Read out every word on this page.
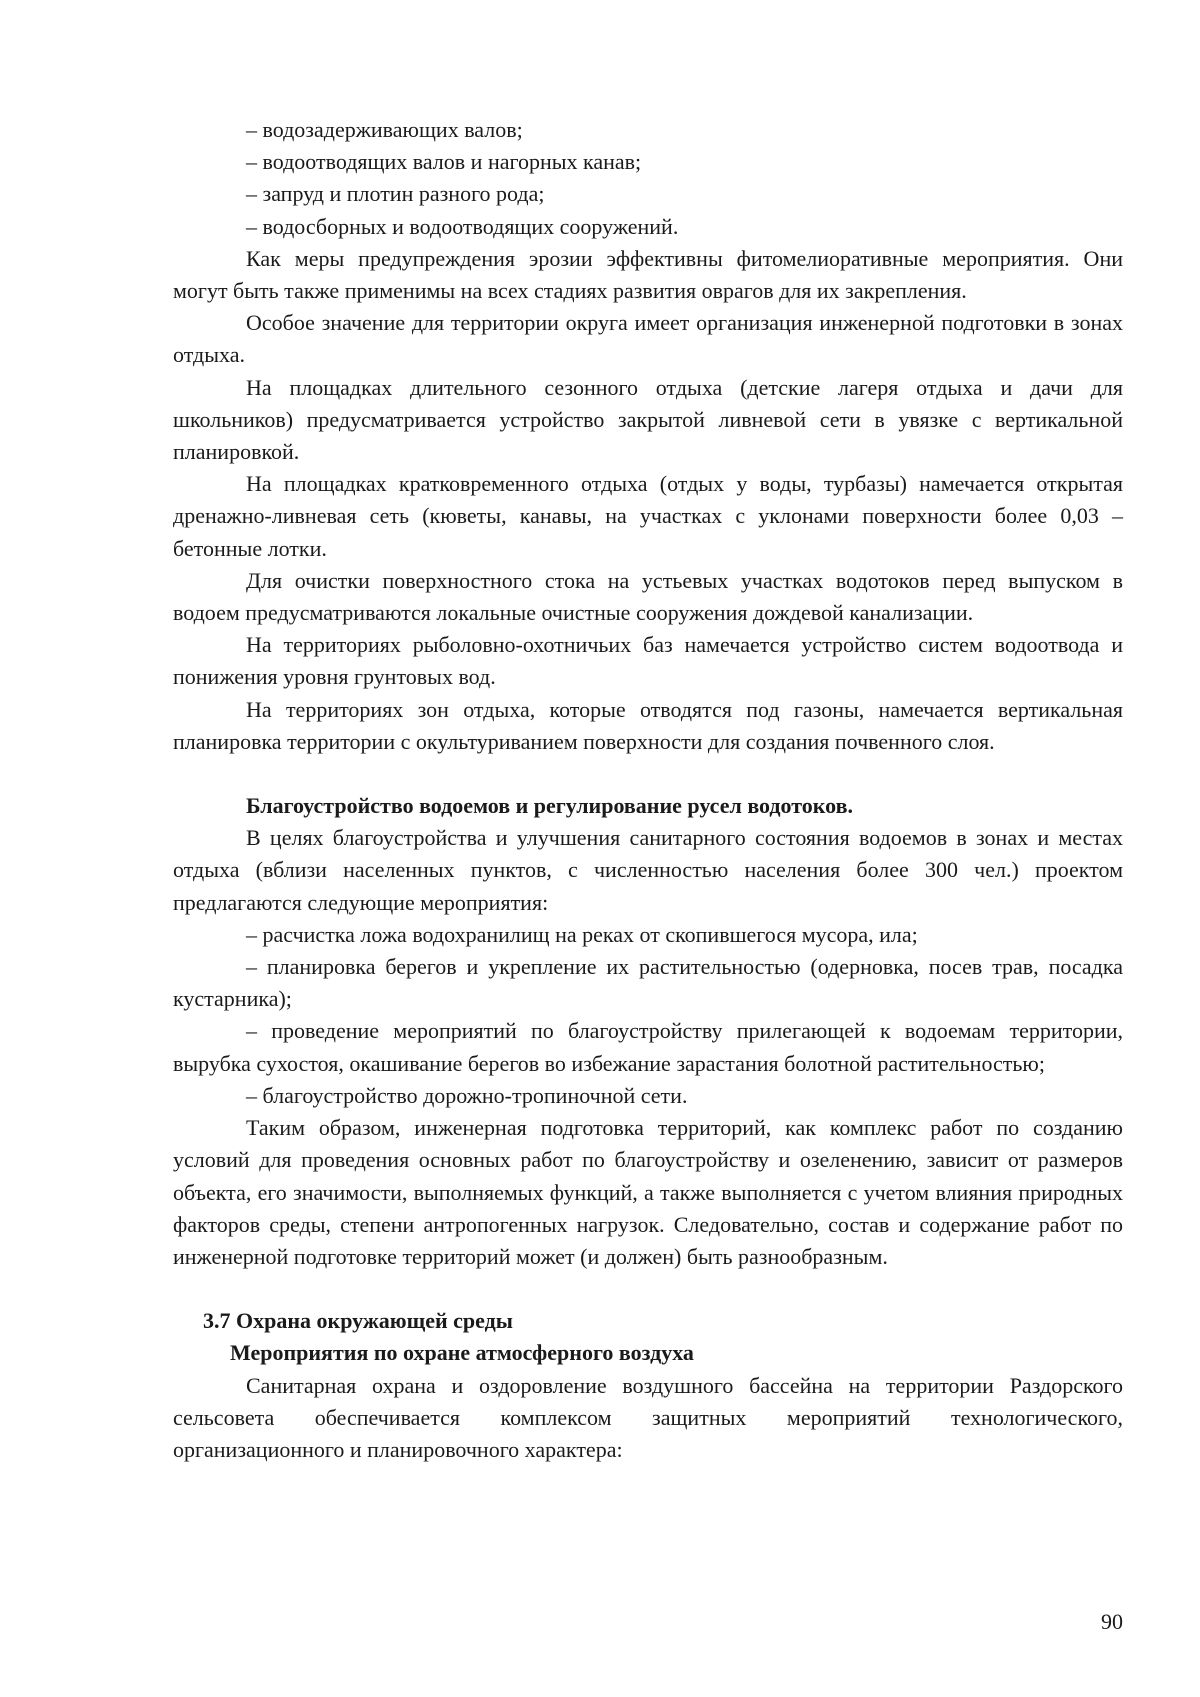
– водозадерживающих валов;

– водоотводящих валов и нагорных канав;

– запруд и плотин разного рода;

– водосборных и водоотводящих сооружений.

Как меры предупреждения эрозии эффективны фитомелиоративные мероприятия. Они могут быть также применимы на всех стадиях развития оврагов для их закрепления.

Особое значение для территории округа имеет организация инженерной подготовки в зонах отдыха.

На площадках длительного сезонного отдыха (детские лагеря отдыха и дачи для школьников) предусматривается устройство закрытой ливневой сети в увязке с вертикальной планировкой.

На площадках кратковременного отдыха (отдых у воды, турбазы) намечается открытая дренажно-ливневая сеть (кюветы, канавы, на участках с уклонами поверхности более 0,03 – бетонные лотки.

Для очистки поверхностного стока на устьевых участках водотоков перед выпуском в водоем предусматриваются локальные очистные сооружения дождевой канализации.

На территориях рыболовно-охотничьих баз намечается устройство систем водоотвода и понижения уровня грунтовых вод.

На территориях зон отдыха, которые отводятся под газоны, намечается вертикальная планировка территории с окультуриванием поверхности для создания почвенного слоя.

Благоустройство водоемов и регулирование русел водотоков.

В целях благоустройства и улучшения санитарного состояния водоемов в зонах и местах отдыха (вблизи населенных пунктов, с численностью населения более 300 чел.) проектом предлагаются следующие мероприятия:

– расчистка ложа водохранилищ на реках от скопившегося мусора, ила;

– планировка берегов и укрепление их растительностью (одерновка, посев трав, посадка кустарника);

– проведение мероприятий по благоустройству прилегающей к водоемам территории, вырубка сухостоя, окашивание берегов во избежание зарастания болотной растительностью;

– благоустройство дорожно-тропиночной сети.

Таким образом, инженерная подготовка территорий, как комплекс работ по созданию условий для проведения основных работ по благоустройству и озеленению, зависит от размеров объекта, его значимости, выполняемых функций, а также выполняется с учетом влияния природных факторов среды, степени антропогенных нагрузок. Следовательно, состав и содержание работ по инженерной подготовке территорий может (и должен) быть разнообразным.

3.7 Охрана окружающей среды

Мероприятия по охране атмосферного воздуха

Санитарная охрана и оздоровление воздушного бассейна на территории Раздорского сельсовета обеспечивается комплексом защитных мероприятий технологического, организационного и планировочного характера:

90
